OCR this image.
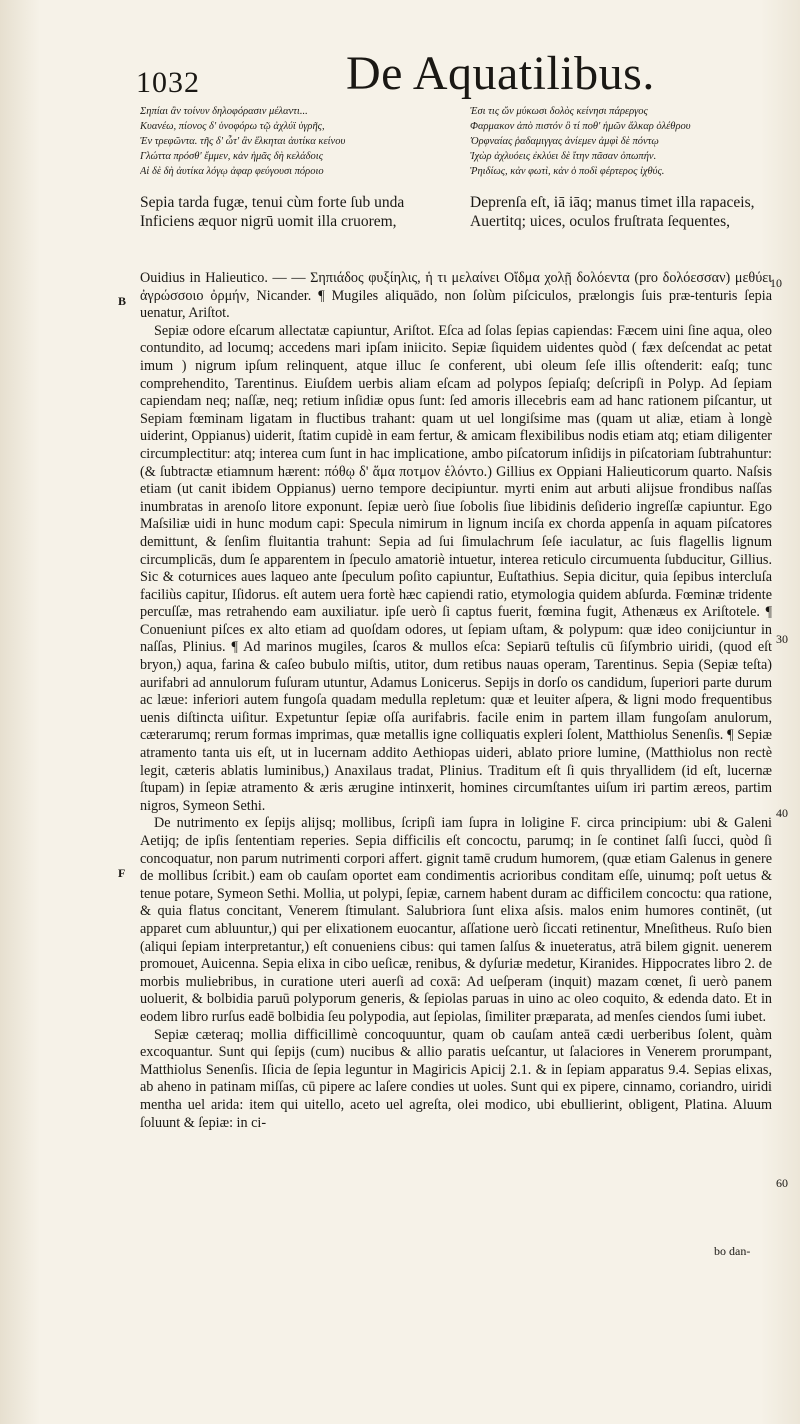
1032	De Aquatilibus.
Σηπίαι ἂν τοίνυν δηλοφόρασιν μέλαντι...
Κυανέω, πίονος δ' ὑνοφόρω τῷ ἀχλύϊ ὑγρῆς,
Ἐν τρεφῶντα. τῆς δ' ὦτ' ἂν ἕλκηται ἀυτίκα κείνου
Γλώττα πρόσθ' ἔμμεν, κἀν ἡμᾶς δὴ κελάδοις
Αἱ δὲ δὴ ἀυτίκα λόγῳ ἀφαρ φεύγουσι πόροιο
Ἐσι τις ὤν μύκωσι δολὸς κείνησι πάρεργος
Φαρμακον ἀπὸ πιστόν ὃ τί ποθ' ἡμῶν ἄλκαρ ὀλέθρου
Ὀρφναίας ῥαδαμιγγας ἀνίεμεν ἀμφὶ δὲ πόντῳ
Ἰχὼρ ἀχλυόεις ἐκλύει δὲ ἴτην πᾶσαν ὀπωπήν.
Ῥηιδίως, κἀν φωτὶ, κἀν ὁ ποδὶ φέρτερος ἰχθύς.
Sepia tarda fugæ, tenui cùm forte ſub unda	Deprenſa eſt, iā iāq; manus timet illa rapaceis,
Inficiens æquor nigrū uomit illa cruorem,	Auertitq; uices, oculos fruſtrata ſequentes,

Ouidius in Halieutico. — — Σηπιάδος φυξίηλις, ἡ τι μελαίνει Οἴδμα χολῇ δολόεντα (pro δολόεσσαν) μεθύει ἀγρώσσοιο ὀρμήν, Nicander. ¶ Mugiles aliquādo, non ſolùm piſciculos, prælongis ſuis præ-tenturis ſepia uenatur, Ariſtot.

Sepiæ odore eſcarum allectatæ capiuntur, Ariſtot. Eſca ad ſolas ſepias capiendas: Fæcem uini ſine aqua, oleo contundito, ad locumq; accedens mari ipſam iniicito. Sepiæ ſiquidem uidentes quòd ( fæx deſcendat ac petat imum ) nigrum ipſum relinquent, atque illuc ſe conferent, ubi oleum ſeſe illis oſtenderit: eaſq; tunc comprehendito, Tarentinus. Eiuſdem uerbis aliam eſcam ad polypos ſepiaſq; deſcripſi in Polyp. Ad ſepiam capiendam neq; naſſæ, neq; retium inſidiæ opus ſunt: ſed amoris illecebris eam ad hanc rationem piſcantur, ut Sepiam fœminam ligatam in fluctibus trahant: quam ut uel longiſsime mas (quam ut aliæ, etiam à longè uiderint, Oppianus) uiderit, ſtatim cupidè in eam fertur, & amicam flexibilibus nodis etiam atq; etiam diligenter circumplectitur: atq; interea cum ſunt in hac implicatione, ambo piſcatorum inſidijs in piſcatoriam ſubtrahuntur: (& ſubtractæ etiamnum hærent: πόθῳ δ' ἅμα ποτμον ἑλόντο.) Gillius ex Oppiani Halieuticorum quarto. Naſsis etiam (ut canit ibidem Oppianus) uerno tempore decipiuntur. myrti enim aut arbuti alijsue frondibus naſſas inumbratas in arenoſo litore exponunt. ſepiæ uerò ſiue ſobolis ſiue libidinis deſiderio ingreſſæ capiuntur. Ego Maſsiliæ uidi in hunc modum capi: Specula nimirum in lignum inciſa ex chorda appenſa in aquam piſcatores demittunt, & ſenſim fluitantia trahunt: Sepia ad ſui ſimulachrum ſeſe iaculatur, ac ſuis flagellis lignum circumplicās, dum ſe apparentem in ſpeculo amatoriè intuetur, interea reticulo circumuenta ſubducitur, Gillius. Sic & coturnices aues laqueo ante ſpeculum poſito capiuntur, Euſtathius. Sepia dicitur, quia ſepibus intercluſa faciliùs capitur, Iſidorus. eſt autem uera fortè hæc capiendi ratio, etymologia quidem abſurda. Fœminæ tridente percuſſæ, mas retrahendo eam auxiliatur. ipſe uerò ſi captus fuerit, fœmina fugit, Athenæus ex Ariſtotele. ¶ Conueniunt piſces ex alto etiam ad quoſdam odores, ut ſepiam uſtam, & polypum: quæ ideo conijciuntur in naſſas, Plinius. ¶ Ad marinos mugiles, ſcaros & mullos eſca: Sepiarū teſtulis cū ſiſymbrio uiridi, (quod eſt bryon,) aqua, farina & caſeo bubulo miſtis, utitor, dum retibus nauas operam, Tarentinus. Sepia (Sepiæ teſta) aurifabri ad annulorum fuſuram utuntur, Adamus Lonicerus. Sepijs in dorſo os candidum, ſuperiori parte durum ac læue: inferiori autem fungoſa quadam medulla repletum: quæ et leuiter aſpera, & ligni modo frequentibus uenis diſtincta uiſitur. Expetuntur ſepiæ oſſa aurifabris. facile enim in partem illam fungoſam anulorum, cæterarumq; rerum formas imprimas, quæ metallis igne colliquatis expleri ſolent, Matthiolus Senenſis. ¶ Sepiæ atramento tanta uis eſt, ut in lucernam addito Aethiopas uideri, ablato priore lumine, (Matthiolus non rectè legit, cæteris ablatis luminibus,) Anaxilaus tradat, Plinius. Traditum eſt ſi quis thryallidem (id eſt, lucernæ ſtupam) in ſepiæ atramento & æris ærugine intinxerit, homines circumſtantes uiſum iri partim æreos, partim nigros, Symeon Sethi.

De nutrimento ex ſepijs alijsq; mollibus, ſcripſi iam ſupra in loligine F. circa principium: ubi & Galeni Aetijq; de ipſis ſententiam reperies. Sepia difficilis eſt concoctu, parumq; in ſe continet ſalſi ſucci, quòd ſi concoquatur, non parum nutrimenti corpori affert. gignit tamē crudum humorem, (quæ etiam Galenus in genere de mollibus ſcribit.) eam ob cauſam oportet eam condimentis acrioribus conditam eſſe, uinumq; poſt uetus & tenue potare, Symeon Sethi. Mollia, ut polypi, ſepiæ, carnem habent duram ac difficilem concoctu: qua ratione, & quia flatus concitant, Venerem ſtimulant. Salubriora ſunt elixa aſsis. malos enim humores continēt, (ut apparet cum abluuntur,) qui per elixationem euocantur, aſſatione uerò ſiccati retinentur, Mneſitheus. Ruſo bien (aliqui ſepiam interpretantur,) eſt conueniens cibus: qui tamen ſalſus & inueteratus, atrā bilem gignit. uenerem promouet, Auicenna. Sepia elixa in cibo ueſicæ, renibus, & dyſuriæ medetur, Kiranides. Hippocrates libro 2. de morbis muliebribus, in curatione uteri auerſi ad coxā: Ad ueſperam (inquit) mazam cœnet, ſi uerò panem uoluerit, & bolbidia paruū polyporum generis, & ſepiolas paruas in uino ac oleo coquito, & edenda dato. Et in eodem libro rurſus eadē bolbidia ſeu polypodia, aut ſepiolas, ſimiliter præparata, ad menſes ciendos ſumi iubet.

Sepiæ cæteraq; mollia difficillimè concoquuntur, quam ob cauſam anteā cædi uerberibus ſolent, quàm excoquantur. Sunt qui ſepijs (cum) nucibus & allio paratis ueſcantur, ut ſalaciores in Venerem prorumpant, Matthiolus Senenſis. Iſicia de ſepia leguntur in Magiricis Apicij 2.1. & in ſepiam apparatus 9.4. Sepias elixas, ab aheno in patinam miſſas, cū pipere ac laſere condies ut uoles. Sunt qui ex pipere, cinnamo, coriandro, uiridi mentha uel arida: item qui uitello, aceto uel agreſta, olei modico, ubi ebullierint, obligent, Platina. Aluum ſoluunt & ſepiæ: in ci-

B
F
10
30
40
60
bo dan-
